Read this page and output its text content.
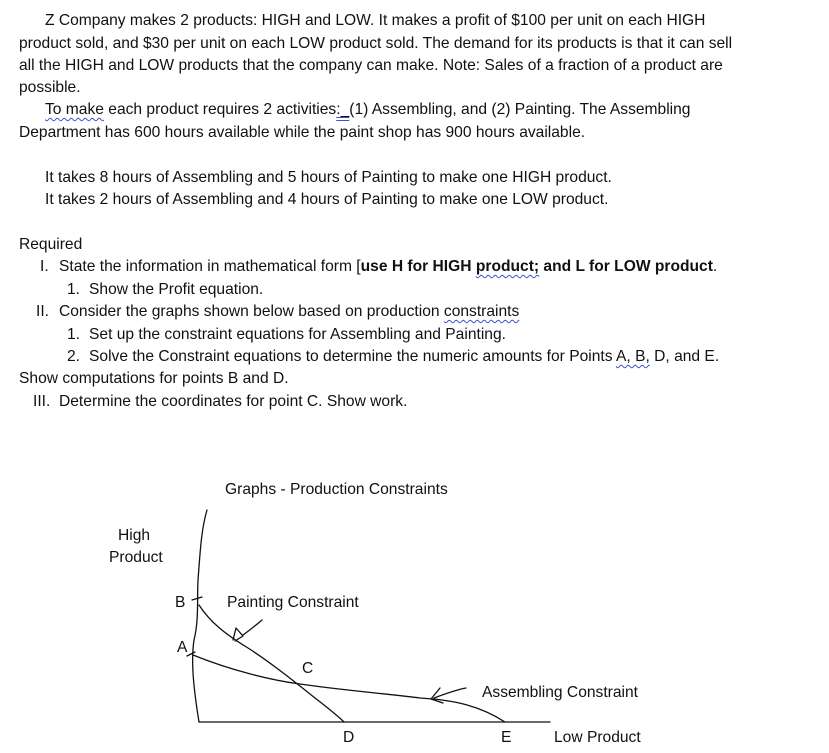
Z Company makes 2 products: HIGH and LOW. It makes a profit of $100 per unit on each HIGH
product sold, and $30 per unit on each LOW product sold. The demand for its products is that it can sell
all the HIGH and LOW products that the company can make. Note: Sales of a fraction of a product are
possible.
To make each product requires 2 activities:_(1) Assembling, and (2) Painting. The Assembling
Department has 600 hours available while the paint shop has 900 hours available.
It takes 8 hours of Assembling and 5 hours of Painting to make one HIGH product.
It takes 2 hours of Assembling and 4 hours of Painting to make one LOW product.
Required
I. State the information in mathematical form [use H for HIGH product; and L for LOW product.
1. Show the Profit equation.
II. Consider the graphs shown below based on production constraints
1. Set up the constraint equations for Assembling and Painting.
2. Solve the Constraint equations to determine the numeric amounts for Points A, B, D, and E.
Show computations for points B and D.
III. Determine the coordinates for point C. Show work.
Graphs - Production Constraints
High
Product
B	Painting Constraint
A
C
Assembling Constraint
D	E	Low Product
